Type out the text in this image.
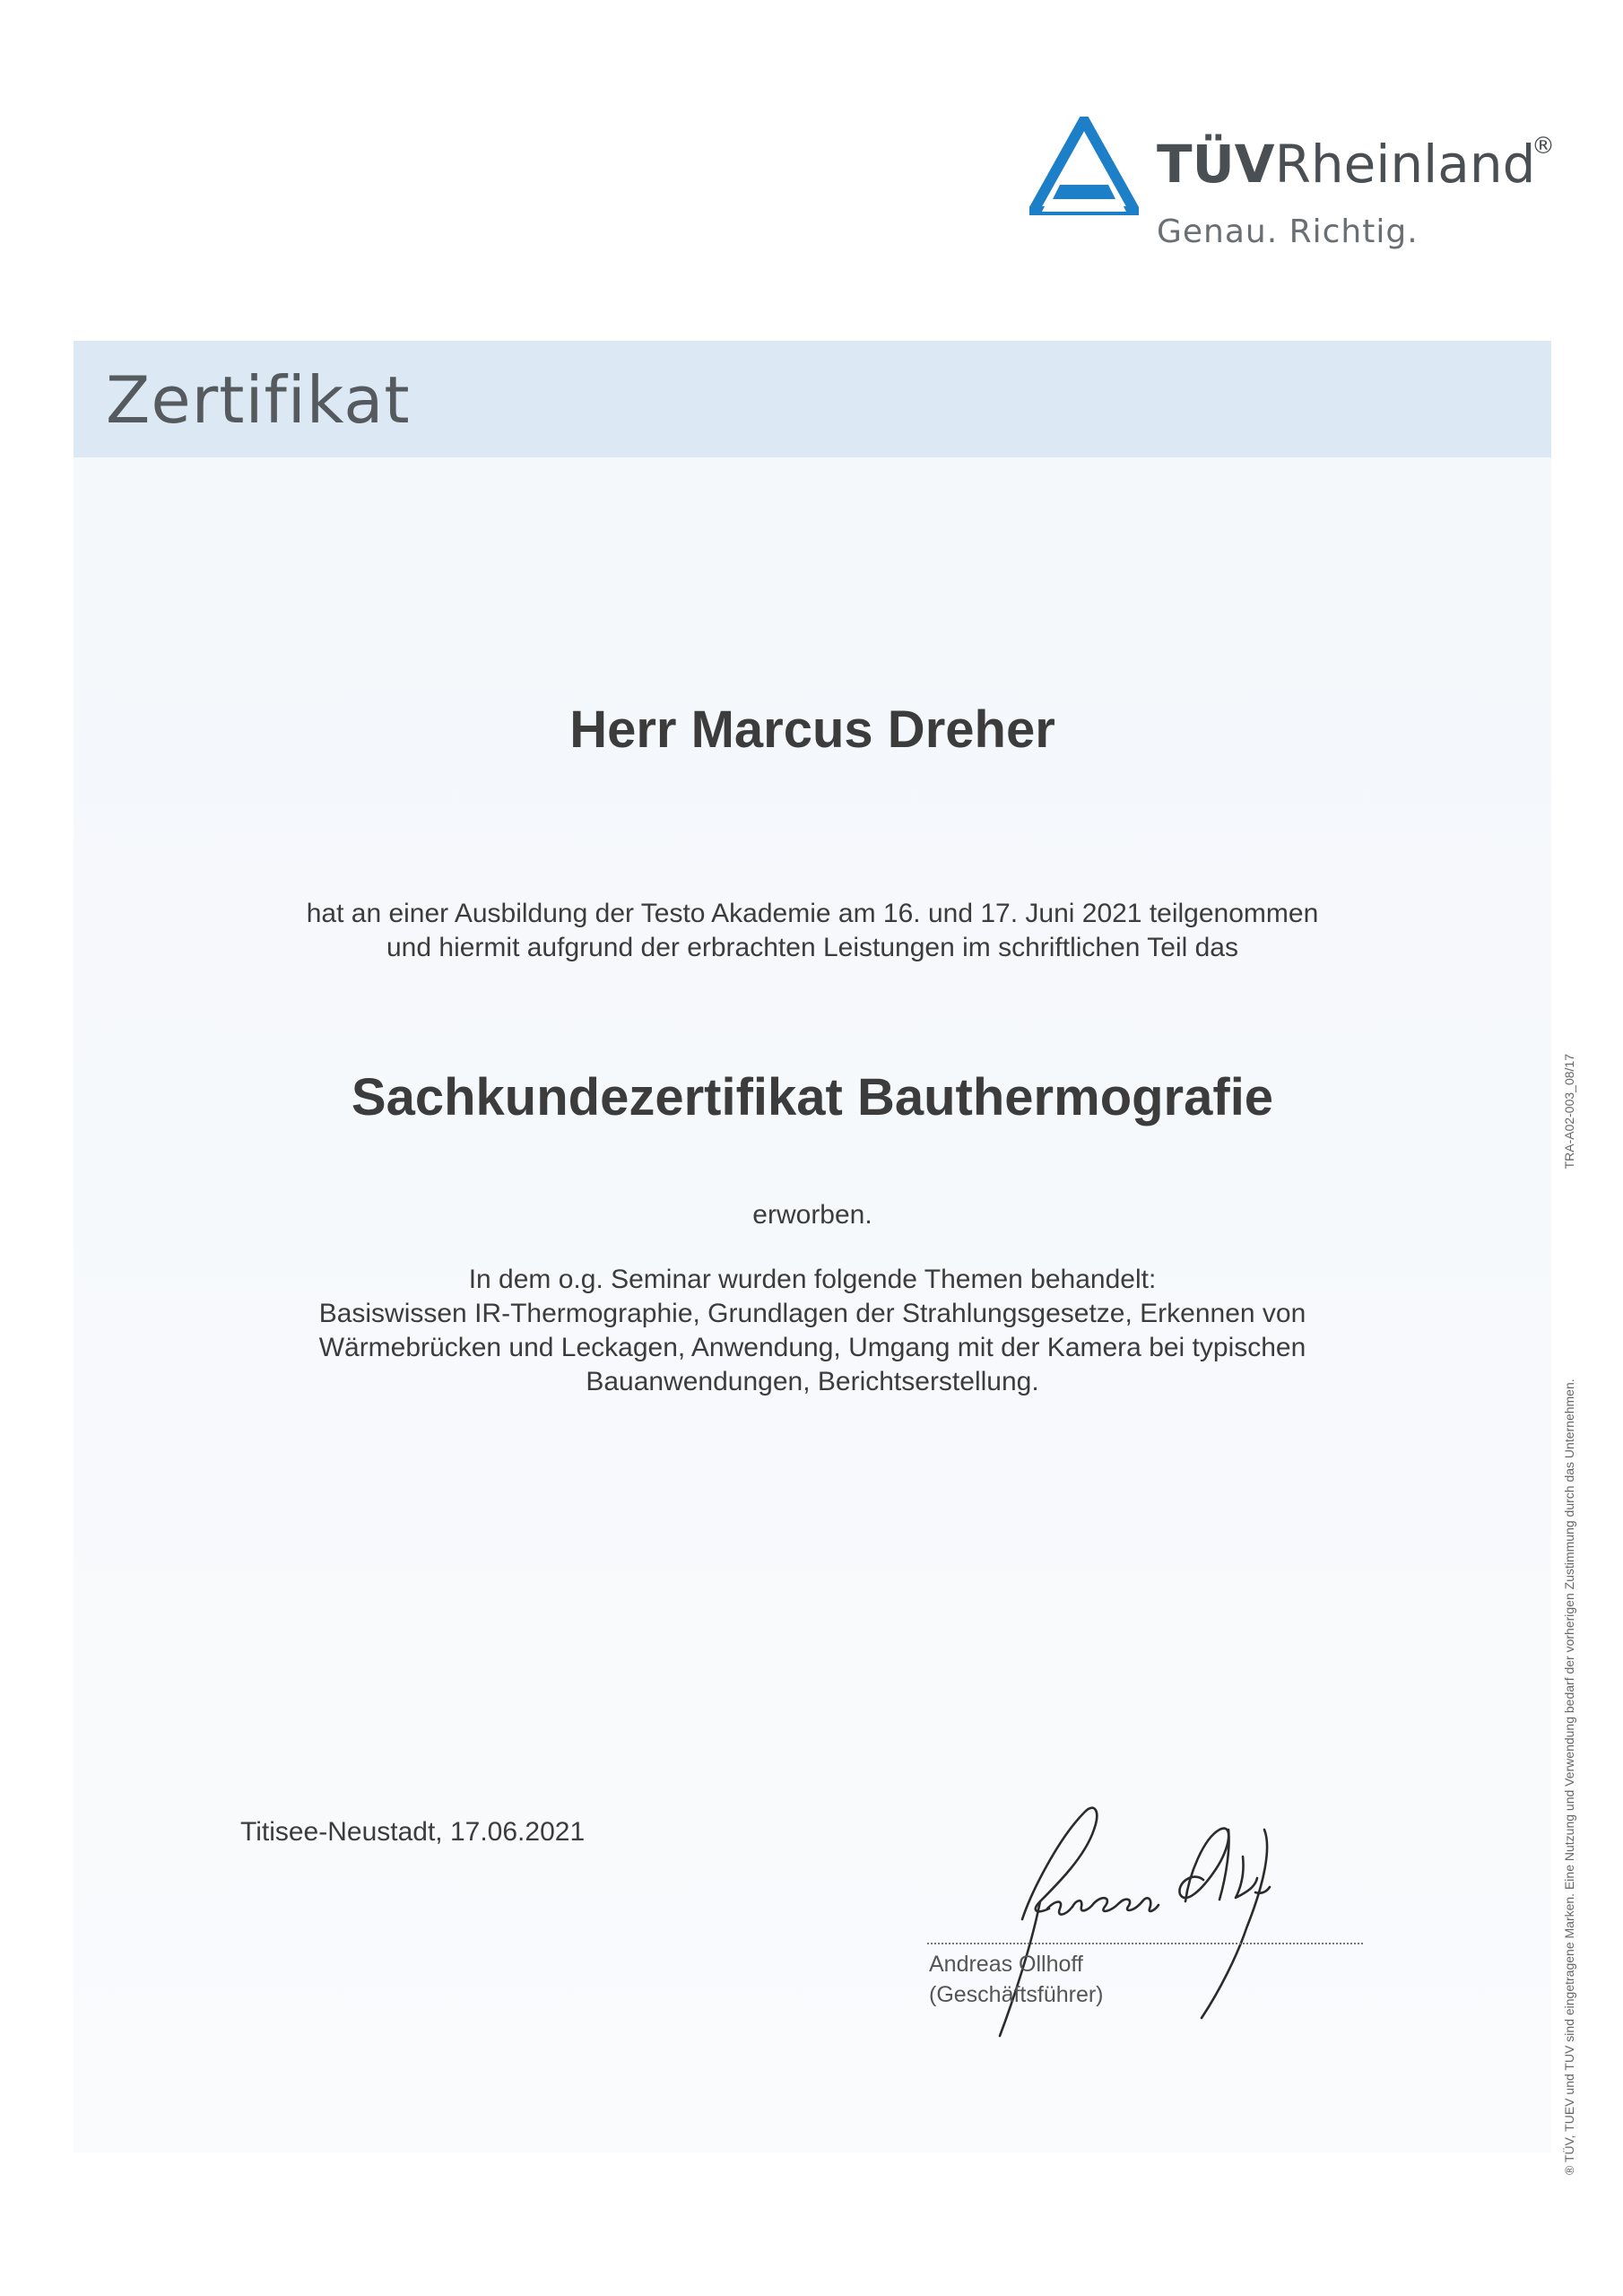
TÜVRheinland
®
Genau. Richtig.
Zertifikat
Herr Marcus Dreher
hat an einer Ausbildung der Testo Akademie am 16. und 17. Juni 2021 teilgenommen
und hiermit aufgrund der erbrachten Leistungen im schriftlichen Teil das
Sachkundezertifikat Bauthermografie
erworben.
In dem o.g. Seminar wurden folgende Themen behandelt:
Basiswissen IR-Thermographie, Grundlagen der Strahlungsgesetze, Erkennen von
Wärmebrücken und Leckagen, Anwendung, Umgang mit der Kamera bei typischen
Bauanwendungen, Berichtserstellung.
Titisee-Neustadt, 17.06.2021
Andreas Ollhoff
(Geschäftsführer)	® TÜV, TUEV und TUV sind eingetragene Marken. Eine Nutzung und Verwendung bedarf der vorherigen Zustimmung durch das Unternehmen.
TRA-A02-003_08/17
